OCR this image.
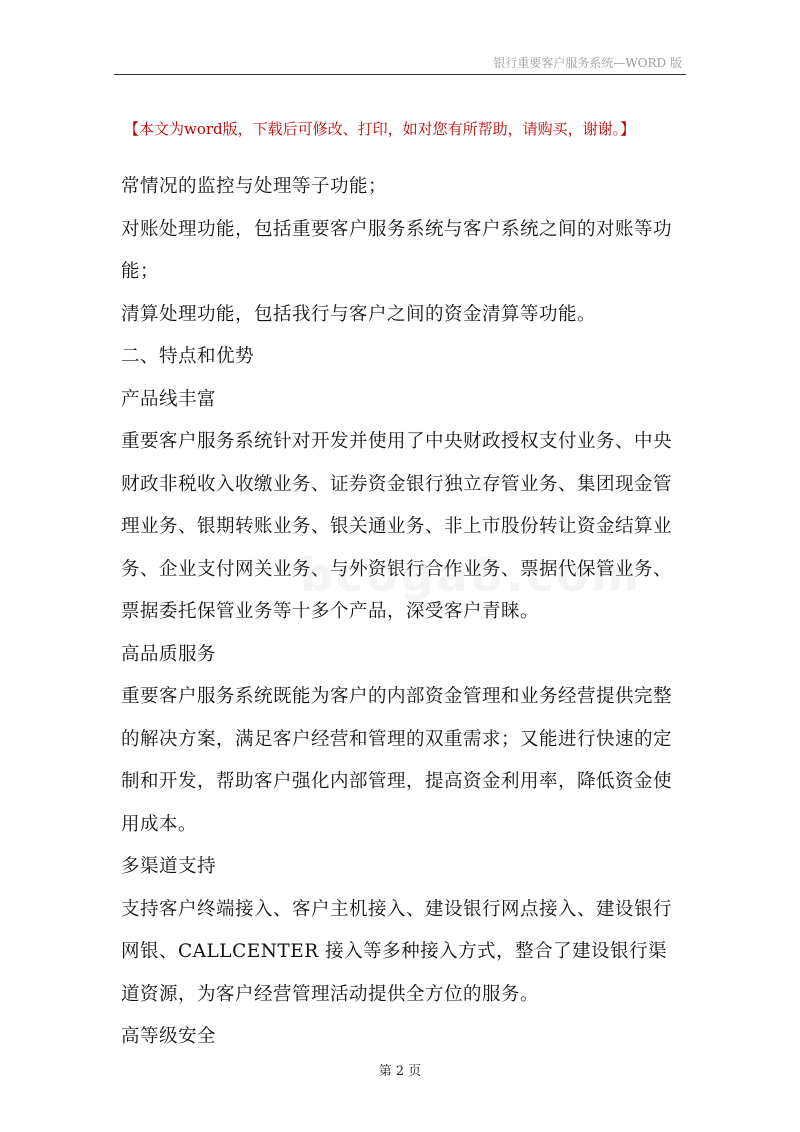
银行重要客户服务系统—WORD 版
【本文为word版，下载后可修改、打印，如对您有所帮助，请购买，谢谢。】

常情况的监控与处理等子功能；

对账处理功能，包括重要客户服务系统与客户系统之间的对账等功能；

清算处理功能，包括我行与客户之间的资金清算等功能。

二、特点和优势

产品线丰富

重要客户服务系统针对开发并使用了中央财政授权支付业务、中央财政非税收入收缴业务、证券资金银行独立存管业务、集团现金管理业务、银期转账业务、银关通业务、非上市股份转让资金结算业务、企业支付网关业务、与外资银行合作业务、票据代保管业务、票据委托保管业务等十多个产品，深受客户青睐。

高品质服务

重要客户服务系统既能为客户的内部资金管理和业务经营提供完整的解决方案，满足客户经营和管理的双重需求；又能进行快速的定制和开发，帮助客户强化内部管理，提高资金利用率，降低资金使用成本。

多渠道支持

支持客户终端接入、客户主机接入、建设银行网点接入、建设银行网银、CALLCENTER 接入等多种接入方式，整合了建设银行渠道资源，为客户经营管理活动提供全方位的服务。

高等级安全

第 2 页
